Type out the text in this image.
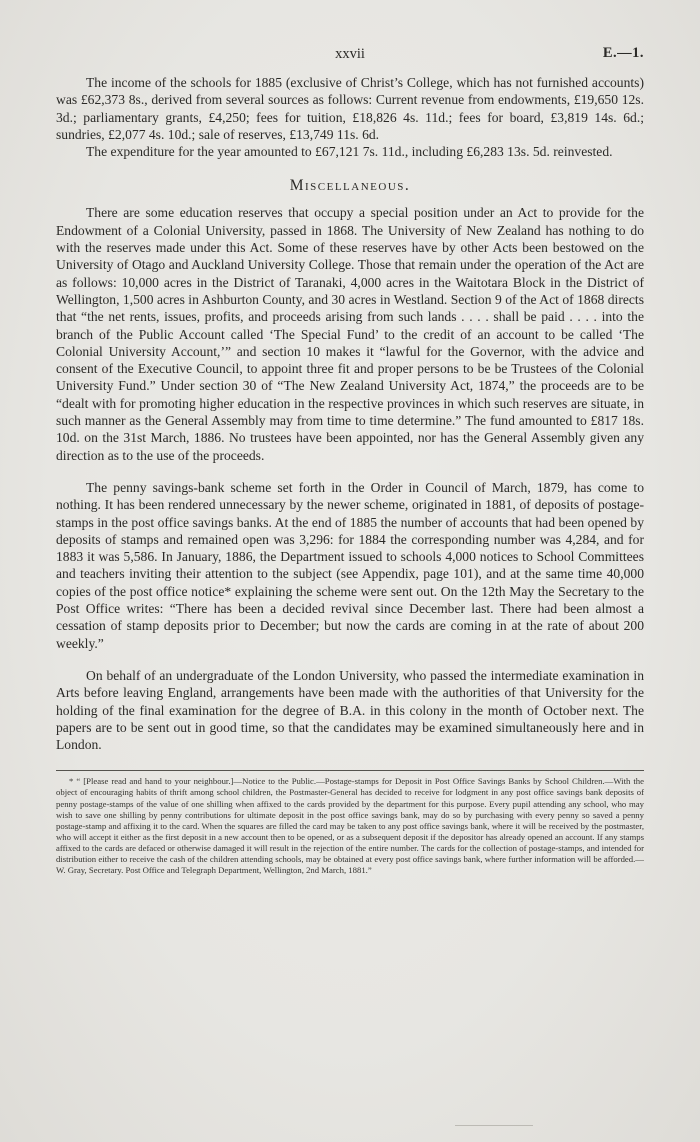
xxvii	E.—1.

The income of the schools for 1885 (exclusive of Christ’s College, which has not furnished accounts) was £62,373 8s., derived from several sources as follows: Current revenue from endowments, £19,650 12s. 3d.; parliamentary grants, £4,250; fees for tuition, £18,826 4s. 11d.; fees for board, £3,819 14s. 6d.; sundries, £2,077 4s. 10d.; sale of reserves, £13,749 11s. 6d.

The expenditure for the year amounted to £67,121 7s. 11d., including £6,283 13s. 5d. reinvested.

Miscellaneous.

There are some education reserves that occupy a special position under an Act to provide for the Endowment of a Colonial University, passed in 1868. The University of New Zealand has nothing to do with the reserves made under this Act. Some of these reserves have by other Acts been bestowed on the University of Otago and Auckland University College. Those that remain under the operation of the Act are as follows: 10,000 acres in the District of Taranaki, 4,000 acres in the Waitotara Block in the District of Wellington, 1,500 acres in Ashburton County, and 30 acres in Westland. Section 9 of the Act of 1868 directs that “the net rents, issues, profits, and proceeds arising from such lands . . . . shall be paid . . . . into the branch of the Public Account called ‘The Special Fund’ to the credit of an account to be called ‘The Colonial University Account,’” and section 10 makes it “lawful for the Governor, with the advice and consent of the Executive Council, to appoint three fit and proper persons to be be Trustees of the Colonial University Fund.” Under section 30 of “The New Zealand University Act, 1874,” the proceeds are to be “dealt with for promoting higher education in the respective provinces in which such reserves are situate, in such manner as the General Assembly may from time to time determine.” The fund amounted to £817 18s. 10d. on the 31st March, 1886. No trustees have been appointed, nor has the General Assembly given any direction as to the use of the proceeds.

The penny savings-bank scheme set forth in the Order in Council of March, 1879, has come to nothing. It has been rendered unnecessary by the newer scheme, originated in 1881, of deposits of postage-stamps in the post office savings banks. At the end of 1885 the number of accounts that had been opened by deposits of stamps and remained open was 3,296: for 1884 the corresponding number was 4,284, and for 1883 it was 5,586. In January, 1886, the Department issued to schools 4,000 notices to School Committees and teachers inviting their attention to the subject (see Appendix, page 101), and at the same time 40,000 copies of the post office notice* explaining the scheme were sent out. On the 12th May the Secretary to the Post Office writes: “There has been a decided revival since December last. There had been almost a cessation of stamp deposits prior to December; but now the cards are coming in at the rate of about 200 weekly.”

On behalf of an undergraduate of the London University, who passed the intermediate examination in Arts before leaving England, arrangements have been made with the authorities of that University for the holding of the final examination for the degree of B.A. in this colony in the month of October next. The papers are to be sent out in good time, so that the candidates may be examined simultaneously here and in London.

* “ [Please read and hand to your neighbour.]—Notice to the Public.—Postage-stamps for Deposit in Post Office Savings Banks by School Children.—With the object of encouraging habits of thrift among school children, the Postmaster-General has decided to receive for lodgment in any post office savings bank deposits of penny postage-stamps of the value of one shilling when affixed to the cards provided by the department for this purpose. Every pupil attending any school, who may wish to save one shilling by penny contributions for ultimate deposit in the post office savings bank, may do so by purchasing with every penny so saved a penny postage-stamp and affixing it to the card. When the squares are filled the card may be taken to any post office savings bank, where it will be received by the postmaster, who will accept it either as the first deposit in a new account then to be opened, or as a subsequent deposit if the depositor has already opened an account. If any stamps affixed to the cards are defaced or otherwise damaged it will result in the rejection of the entire number. The cards for the collection of postage-stamps, and intended for distribution either to receive the cash of the children attending schools, may be obtained at every post office savings bank, where further information will be afforded.—W. Gray, Secretary. Post Office and Telegraph Department, Wellington, 2nd March, 1881.”
